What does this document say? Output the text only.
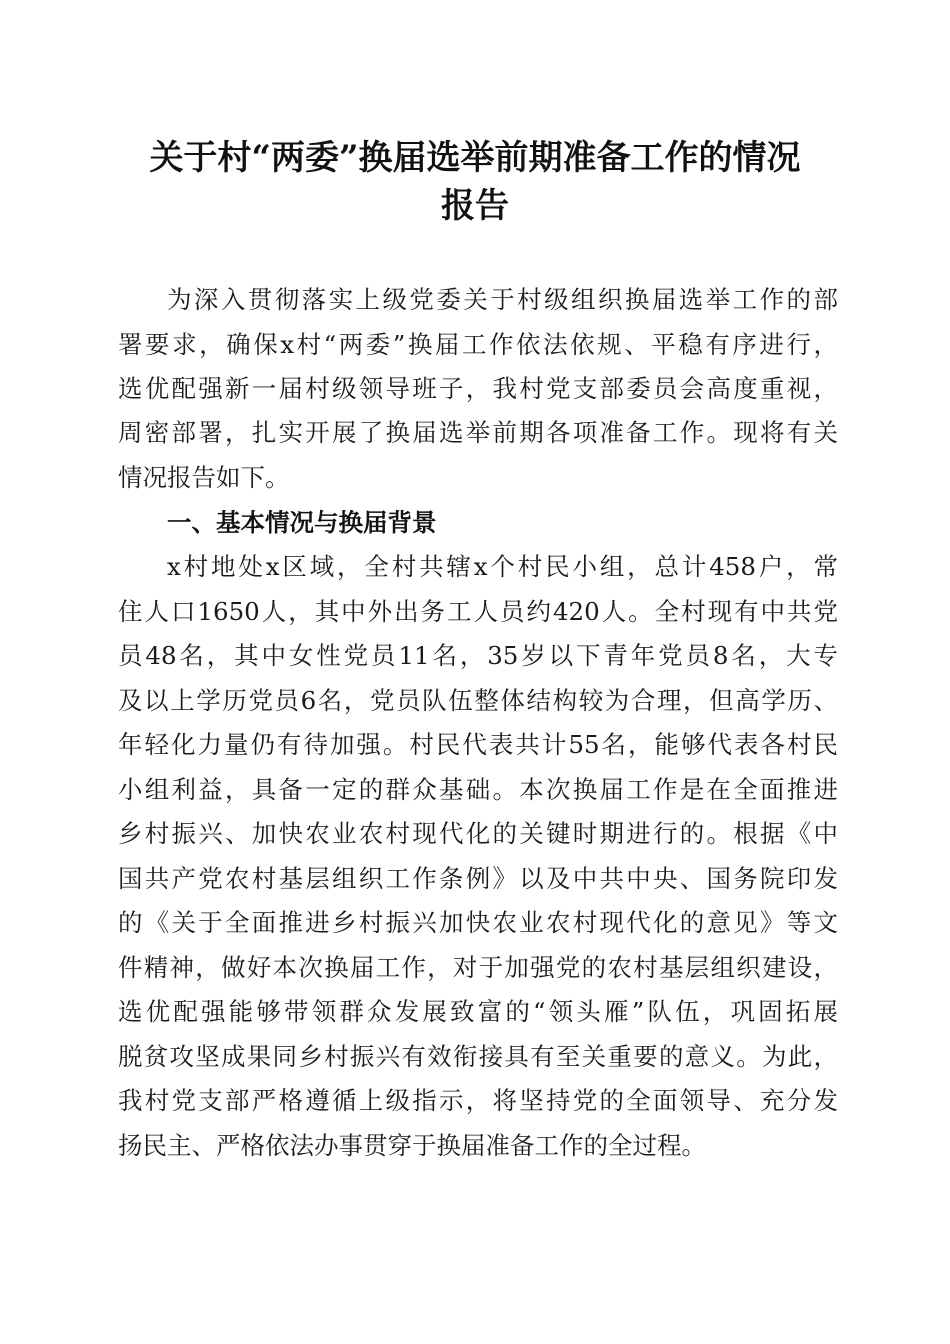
关于村“两委”换届选举前期准备工作的情况
报告
为深入贯彻落实上级党委关于村级组织换届选举工作的部
署要求，确保x村“两委”换届工作依法依规、平稳有序进行，
选优配强新一届村级领导班子，我村党支部委员会高度重视，
周密部署，扎实开展了换届选举前期各项准备工作。现将有关
情况报告如下。
一、基本情况与换届背景
x村地处x区域，全村共辖x个村民小组，总计458户，常
住人口1650人，其中外出务工人员约420人。全村现有中共党
员48名，其中女性党员11名，35岁以下青年党员8名，大专
及以上学历党员6名，党员队伍整体结构较为合理，但高学历、
年轻化力量仍有待加强。村民代表共计55名，能够代表各村民
小组利益，具备一定的群众基础。本次换届工作是在全面推进
乡村振兴、加快农业农村现代化的关键时期进行的。根据《中
国共产党农村基层组织工作条例》以及中共中央、国务院印发
的《关于全面推进乡村振兴加快农业农村现代化的意见》等文
件精神，做好本次换届工作，对于加强党的农村基层组织建设，
选优配强能够带领群众发展致富的“领头雁”队伍，巩固拓展
脱贫攻坚成果同乡村振兴有效衔接具有至关重要的意义。为此，
我村党支部严格遵循上级指示，将坚持党的全面领导、充分发
扬民主、严格依法办事贯穿于换届准备工作的全过程。
